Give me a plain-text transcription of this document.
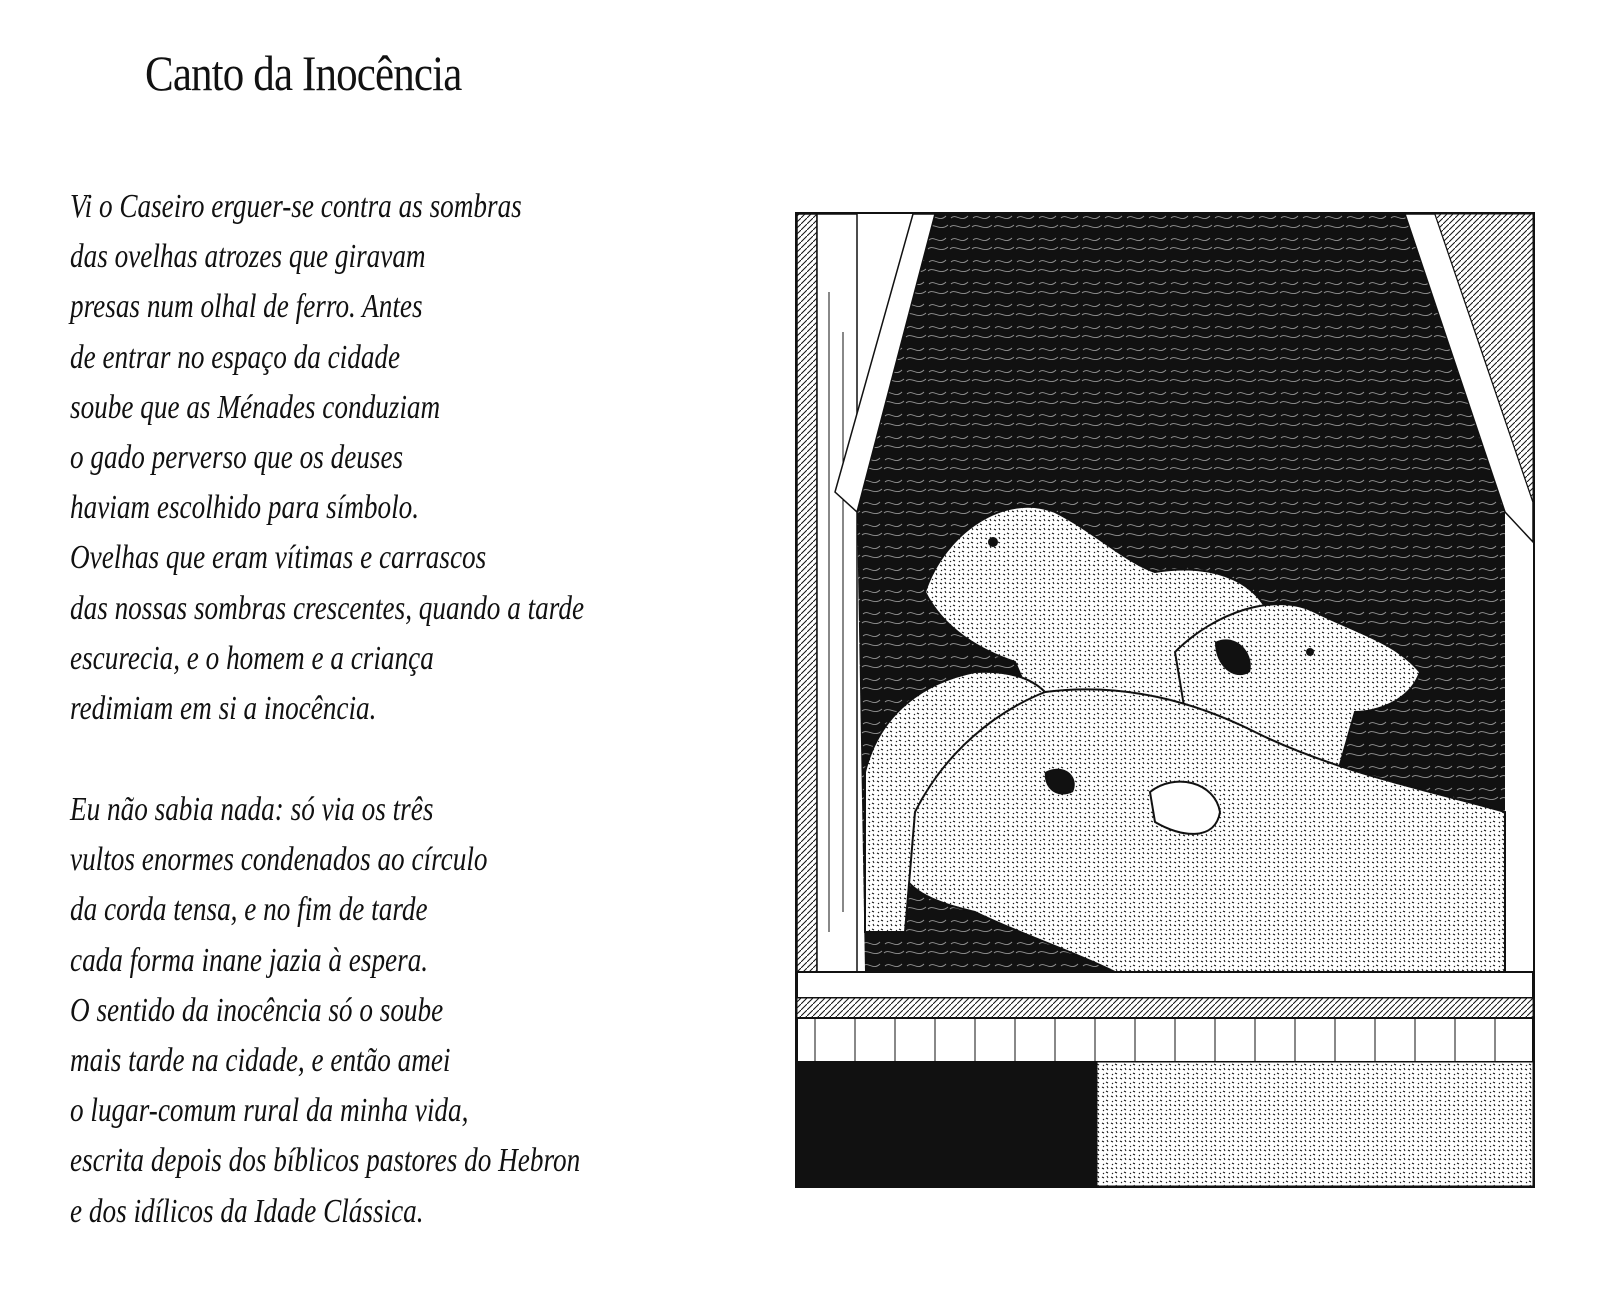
Canto da Inocência
Vi o Caseiro erguer-se contra as sombras
das ovelhas atrozes que giravam
presas num olhal de ferro. Antes
de entrar no espaço da cidade
soube que as Ménades conduziam
o gado perverso que os deuses
haviam escolhido para símbolo.
Ovelhas que eram vítimas e carrascos
das nossas sombras crescentes, quando a tarde
escurecia, e o homem e a criança
redimiam em si a inocência.
Eu não sabia nada: só via os três
vultos enormes condenados ao círculo
da corda tensa, e no fim de tarde
cada forma inane jazia à espera.
O sentido da inocência só o soube
mais tarde na cidade, e então amei
o lugar-comum rural da minha vida,
escrita depois dos bíblicos pastores do Hebron
e dos idílicos da Idade Clássica.
